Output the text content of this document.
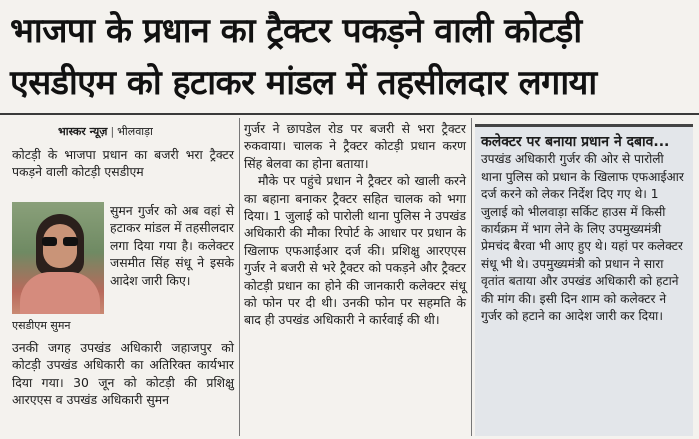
भाजपा के प्रधान का ट्रैक्टर पकड़ने वाली कोटड़ी
एसडीएम को हटाकर मांडल में तहसीलदार लगाया
भास्कर न्यूज़ | भीलवाड़ा

कोटड़ी के भाजपा प्रधान का बजरी भरा ट्रैक्टर पकड़ने वाली कोटड़ी एसडीएम

एसडीएम सुमन

सुमन गुर्जर को अब वहां से हटाकर मांडल में तहसीलदार लगा दिया गया है। कलेक्टर जसमीत सिंह संधू ने इसके आदेश जारी किए।

उनकी जगह उपखंड अधिकारी जहाजपुर को कोटड़ी उपखंड अधिकारी का अतिरिक्त कार्यभार दिया गया। 30 जून को कोटड़ी की प्रशिक्षु आरएएस व उपखंड अधिकारी सुमन

गुर्जर ने छापडेल रोड पर बजरी से भरा ट्रैक्टर रुकवाया। चालक ने ट्रैक्टर कोटड़ी प्रधान करण सिंह बेलवा का होना बताया।

मौके पर पहुंचे प्रधान ने ट्रैक्टर को खाली करने का बहाना बनाकर ट्रैक्टर सहित चालक को भगा दिया। 1 जुलाई को पारोली थाना पुलिस ने उपखंड अधिकारी की मौका रिपोर्ट के आधार पर प्रधान के खिलाफ एफआईआर दर्ज की। प्रशिक्षु आरएएस गुर्जर ने बजरी से भरे ट्रैक्टर को पकड़ने और ट्रैक्टर कोटड़ी प्रधान का होने की जानकारी कलेक्टर संधू को फोन पर दी थी। उनकी फोन पर सहमति के बाद ही उपखंड अधिकारी ने कार्रवाई की थी।

कलेक्टर पर बनाया प्रधान ने दबाव... उपखंड अधिकारी गुर्जर की ओर से पारोली थाना पुलिस को प्रधान के खिलाफ एफआईआर दर्ज करने को लेकर निर्देश दिए गए थे। 1 जुलाई को भीलवाड़ा सर्किट हाउस में किसी कार्यक्रम में भाग लेने के लिए उपमुख्यमंत्री प्रेमचंद बैरवा भी आए हुए थे। यहां पर कलेक्टर संधू भी थे। उपमुख्यमंत्री को प्रधान ने सारा वृतांत बताया और उपखंड अधिकारी को हटाने की मांग की। इसी दिन शाम को कलेक्टर ने गुर्जर को हटाने का आदेश जारी कर दिया।
